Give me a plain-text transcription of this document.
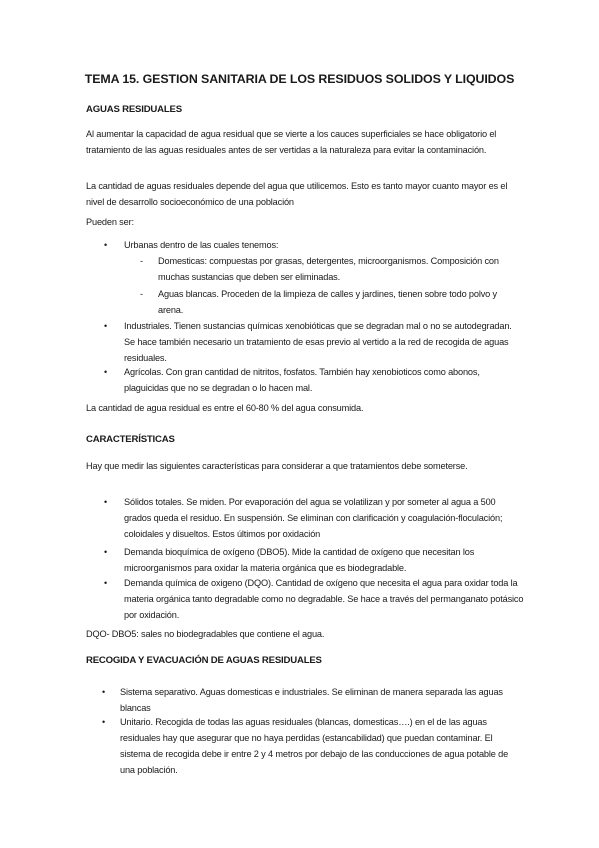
TEMA 15. GESTION SANITARIA DE LOS RESIDUOS SOLIDOS Y LIQUIDOS
AGUAS RESIDUALES
Al aumentar la capacidad de agua residual que se vierte a los cauces superficiales se hace obligatorio el tratamiento de las aguas residuales antes de ser vertidas a la naturaleza para evitar la contaminación.
La cantidad de aguas residuales depende del agua que utilicemos. Esto es tanto mayor cuanto mayor es el nivel de desarrollo socioeconómico de una población
Pueden ser:
• Urbanas dentro de las cuales tenemos:
- Domesticas: compuestas por grasas, detergentes, microorganismos. Composición con muchas sustancias que deben ser eliminadas.
- Aguas blancas. Proceden de la limpieza de calles y jardines, tienen sobre todo polvo y arena.
• Industriales. Tienen sustancias químicas xenobióticas que se degradan mal o no se autodegradan. Se hace también necesario un tratamiento de esas previo al vertido a la red de recogida de aguas residuales.
• Agrícolas. Con gran cantidad de nitritos, fosfatos. También hay xenobioticos como abonos, plaguicidas que no se degradan o lo hacen mal.
La cantidad de agua residual es entre el 60-80 % del agua consumida.
CARACTERÍSTICAS
Hay que medir las siguientes características para considerar a que tratamientos debe someterse.
• Sólidos totales. Se miden. Por evaporación del agua se volatilizan y por someter al agua a 500 grados queda el residuo. En suspensión. Se eliminan con clarificación y coagulación-floculación; coloidales y disueltos. Estos últimos por oxidación
• Demanda bioquímica de oxígeno (DBO5). Mide la cantidad de oxígeno que necesitan los microorganismos para oxidar la materia orgánica que es biodegradable.
• Demanda química de oxigeno (DQO). Cantidad de oxígeno que necesita el agua para oxidar toda la materia orgánica tanto degradable como no degradable. Se hace a través del permanganato potásico por oxidación.
DQO- DBO5: sales no biodegradables que contiene el agua.
RECOGIDA Y EVACUACIÓN DE AGUAS RESIDUALES
• Sistema separativo. Aguas domesticas e industriales. Se eliminan de manera separada las aguas blancas
• Unitario. Recogida de todas las aguas residuales (blancas, domesticas….) en el de las aguas residuales hay que asegurar que no haya perdidas (estancabilidad) que puedan contaminar. El sistema de recogida debe ir entre 2 y 4 metros por debajo de las conducciones de agua potable de una población.
